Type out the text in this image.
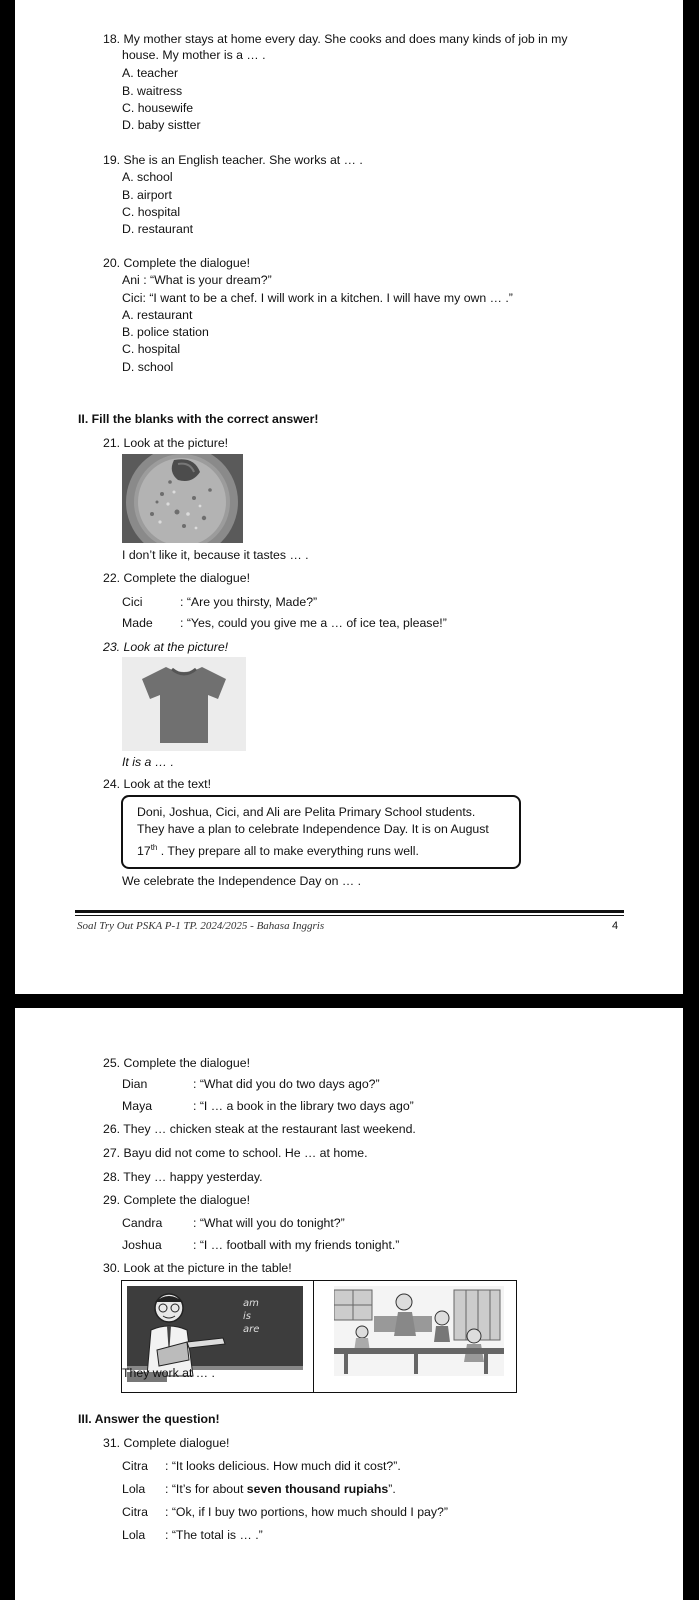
18. My mother stays at home every day. She cooks and does many kinds of job in my
house. My mother is a … .
A. teacher
B. waitress
C. housewife
D. baby sistter
19. She is an English teacher. She works at … .
A. school
B. airport
C. hospital
D. restaurant
20. Complete the dialogue!
Ani : “What is your dream?”
Cici: “I want to be a chef. I will work in a kitchen. I will have my own … .”
A. restaurant
B. police station
C. hospital
D. school
II. Fill the blanks with the correct answer!
21. Look at the picture!
I don’t like it, because it tastes … .
22. Complete the dialogue!
Cici	: “Are you thirsty, Made?”
Made : “Yes, could you give me a … of ice tea, please!”
23. Look at the picture!
It is a … .
24. Look at the text!
Doni, Joshua, Cici, and Ali are Pelita Primary School students.
They have a plan to celebrate Independence Day. It is on August
17th . They prepare all to make everything runs well.
We celebrate the Independence Day on … .
Soal Try Out PSKA P-1 TP. 2024/2025 - Bahasa Inggris	4
25. Complete the dialogue!
Dian	: “What did you do two days ago?”
Maya	: “I … a book in the library two days ago”
26. They … chicken steak at the restaurant last weekend.
27. Bayu did not come to school. He … at home.
28. They … happy yesterday.
29. Complete the dialogue!
Candra : “What will you do tonight?”
Joshua	: “I … football with my friends tonight.”
30. Look at the picture in the table!
am
is
are
They work at … .
III. Answer the question!
31. Complete dialogue!
Citra : “It looks delicious. How much did it cost?”.
Lola : “It’s for about seven thousand rupiahs”.
Citra : “Ok, if I buy two portions, how much should I pay?”
Lola : “The total is … .”
